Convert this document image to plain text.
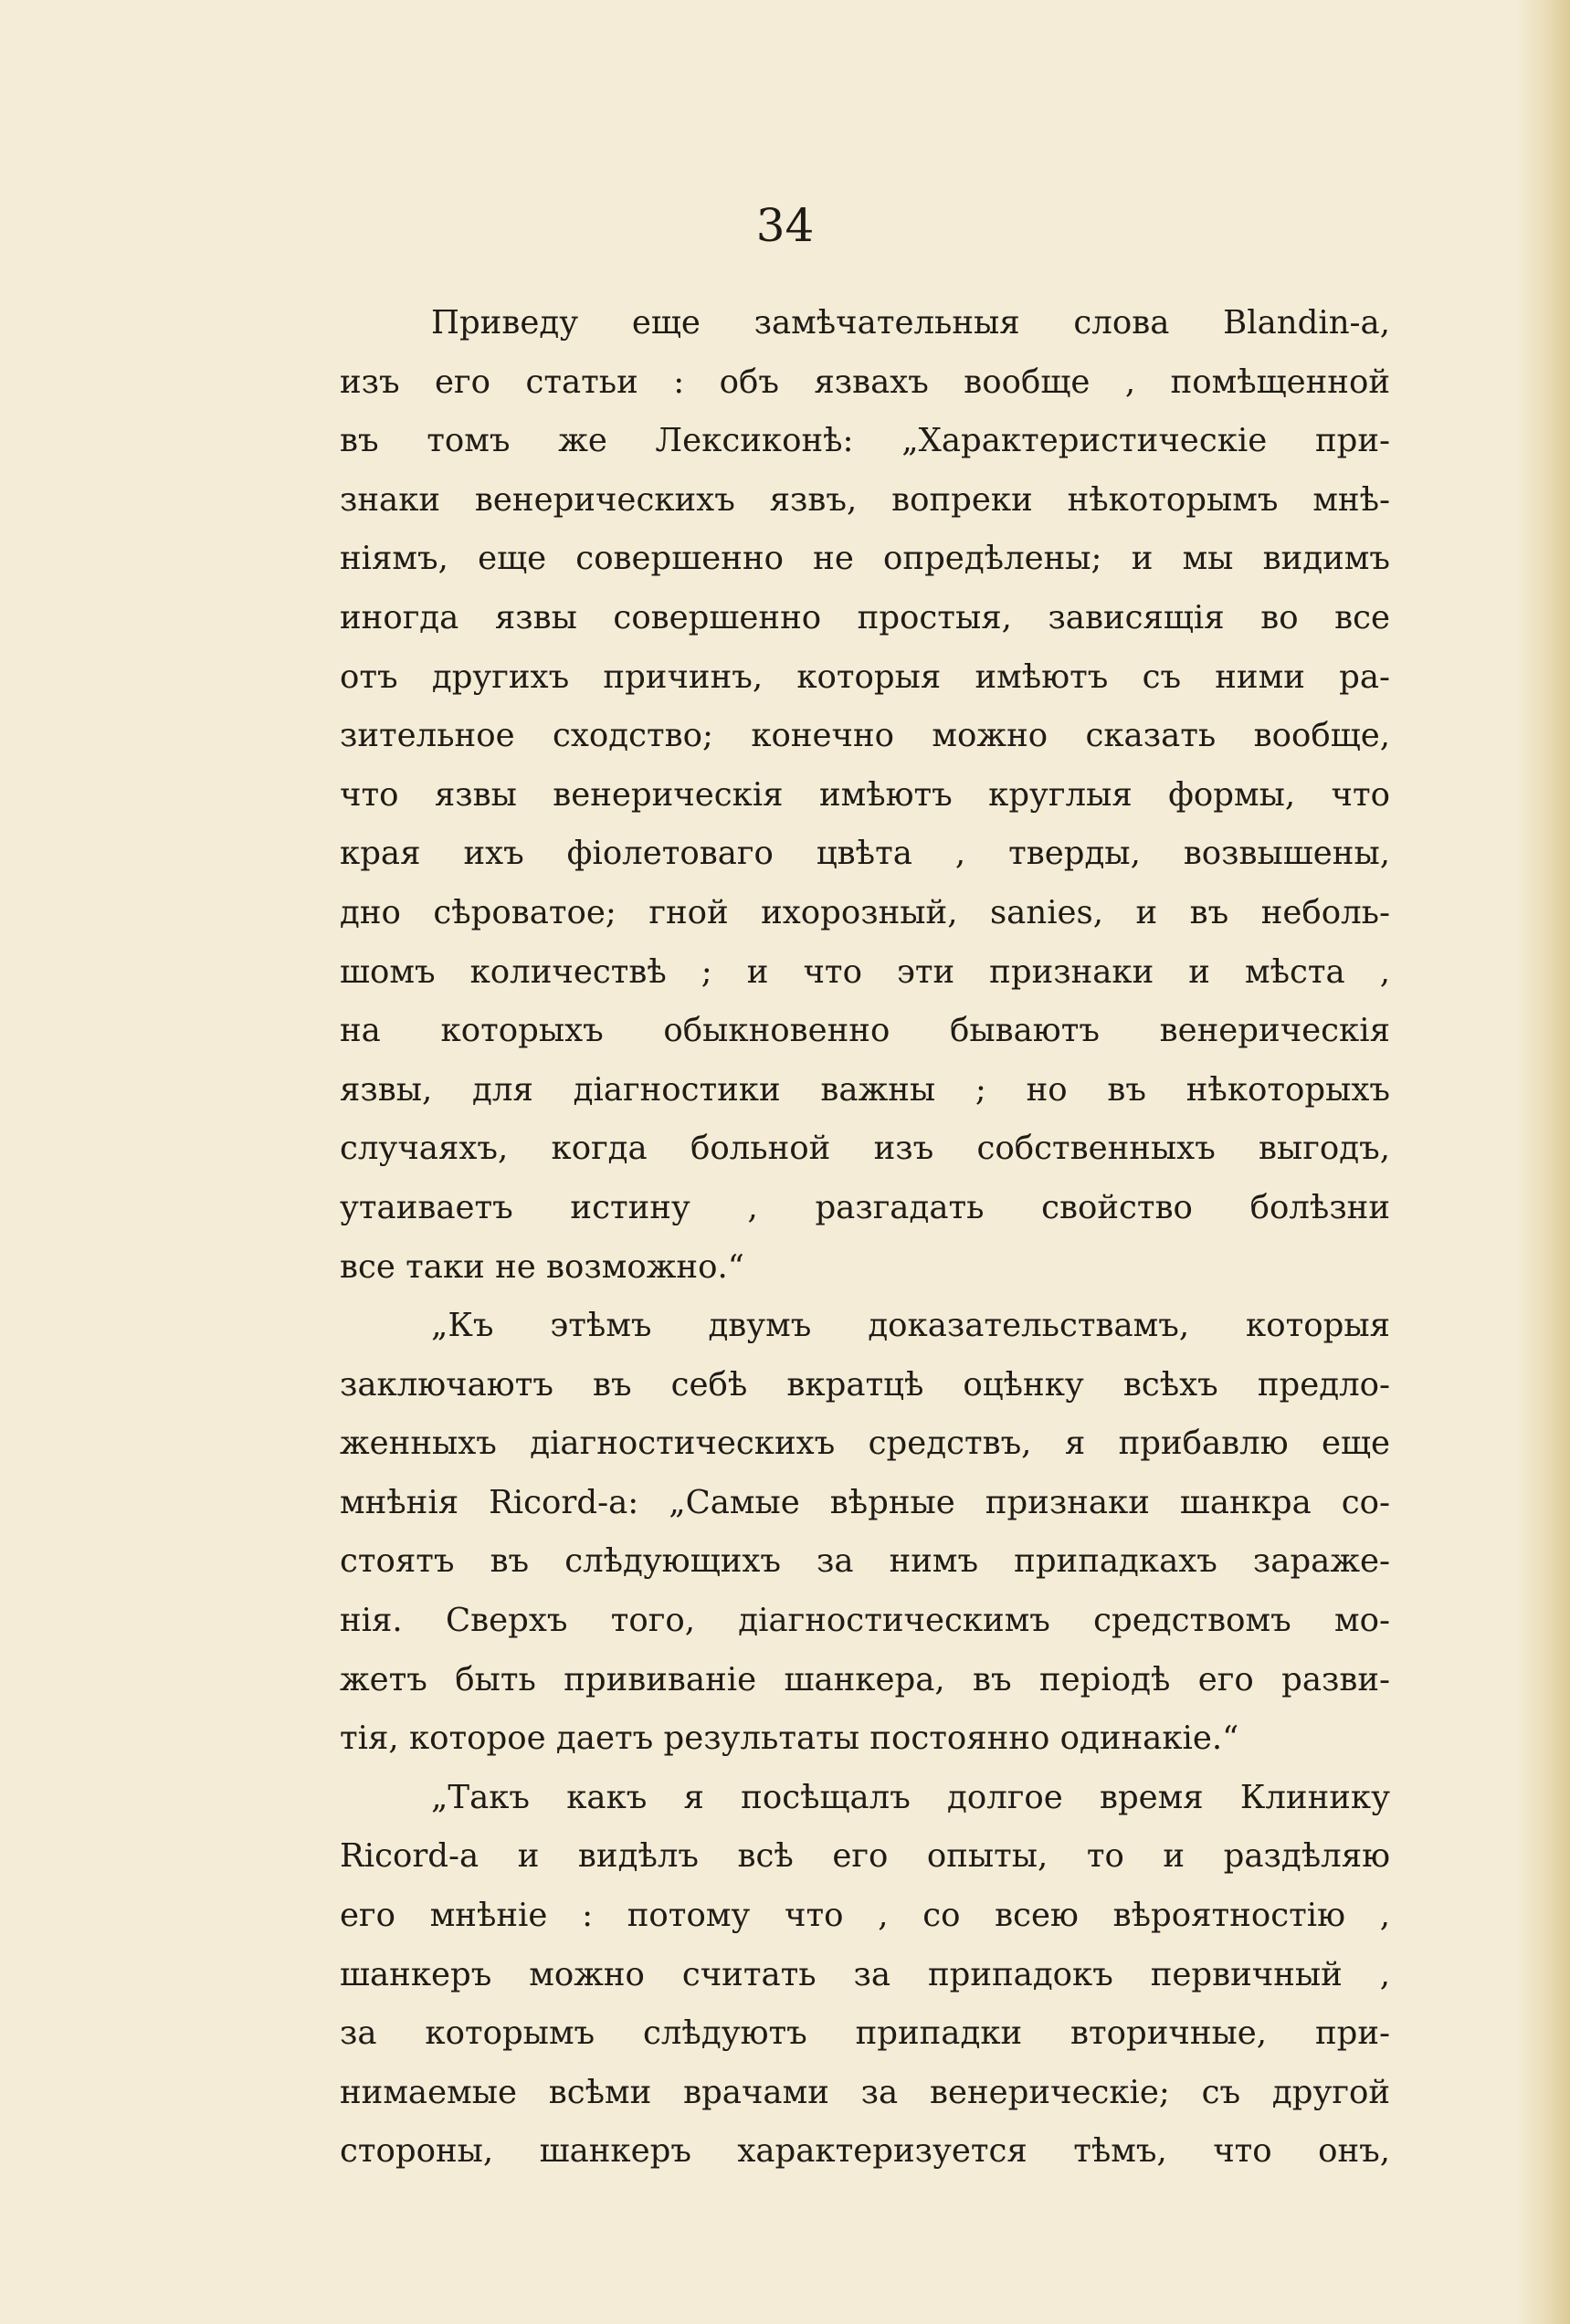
34
Приведу еще замѣчательныя слова Blandin-а,
изъ его статьи : объ язвахъ вообще , помѣщенной
въ томъ же Лексиконѣ: „Характеристическіе при-
знаки венерическихъ язвъ, вопреки нѣкоторымъ мнѣ-
ніямъ, еще совершенно не опредѣлены; и мы видимъ
иногда язвы совершенно простыя, зависящія во все
отъ другихъ причинъ, которыя имѣютъ съ ними ра-
зительное сходство; конечно можно сказать вообще,
что язвы венерическія имѣютъ круглыя формы, что
края ихъ фіолетоваго цвѣта , тверды, возвышены,
дно сѣроватое; гной ихорозный, sanies, и въ неболь-
шомъ количествѣ ; и что эти признаки и мѣста ,
на которыхъ обыкновенно бываютъ венерическія
язвы, для діагностики важны ; но въ нѣкоторыхъ
случаяхъ, когда больной изъ собственныхъ выгодъ,
утаиваетъ истину , разгадать свойство болѣзни
все таки не возможно.“
„Къ этѣмъ двумъ доказательствамъ, которыя
заключаютъ въ себѣ вкратцѣ оцѣнку всѣхъ предло-
женныхъ діагностическихъ средствъ, я прибавлю еще
мнѣнія Ricord-а: „Самые вѣрные признаки шанкра со-
стоятъ въ слѣдующихъ за нимъ припадкахъ зараже-
нія. Сверхъ того, діагностическимъ средствомъ мо-
жетъ быть прививаніе шанкера, въ періодѣ его разви-
тія, которое даетъ результаты постоянно одинакіе.“
„Такъ какъ я посѣщалъ долгое время Клинику
Ricord-а и видѣлъ всѣ его опыты, то и раздѣляю
его мнѣніе : потому что , со всею вѣроятностію ,
шанкеръ можно считать за припадокъ первичный ,
за которымъ слѣдуютъ припадки вторичные, при-
нимаемые всѣми врачами за венерическіе; съ другой
стороны, шанкеръ характеризуется тѣмъ, что онъ,
